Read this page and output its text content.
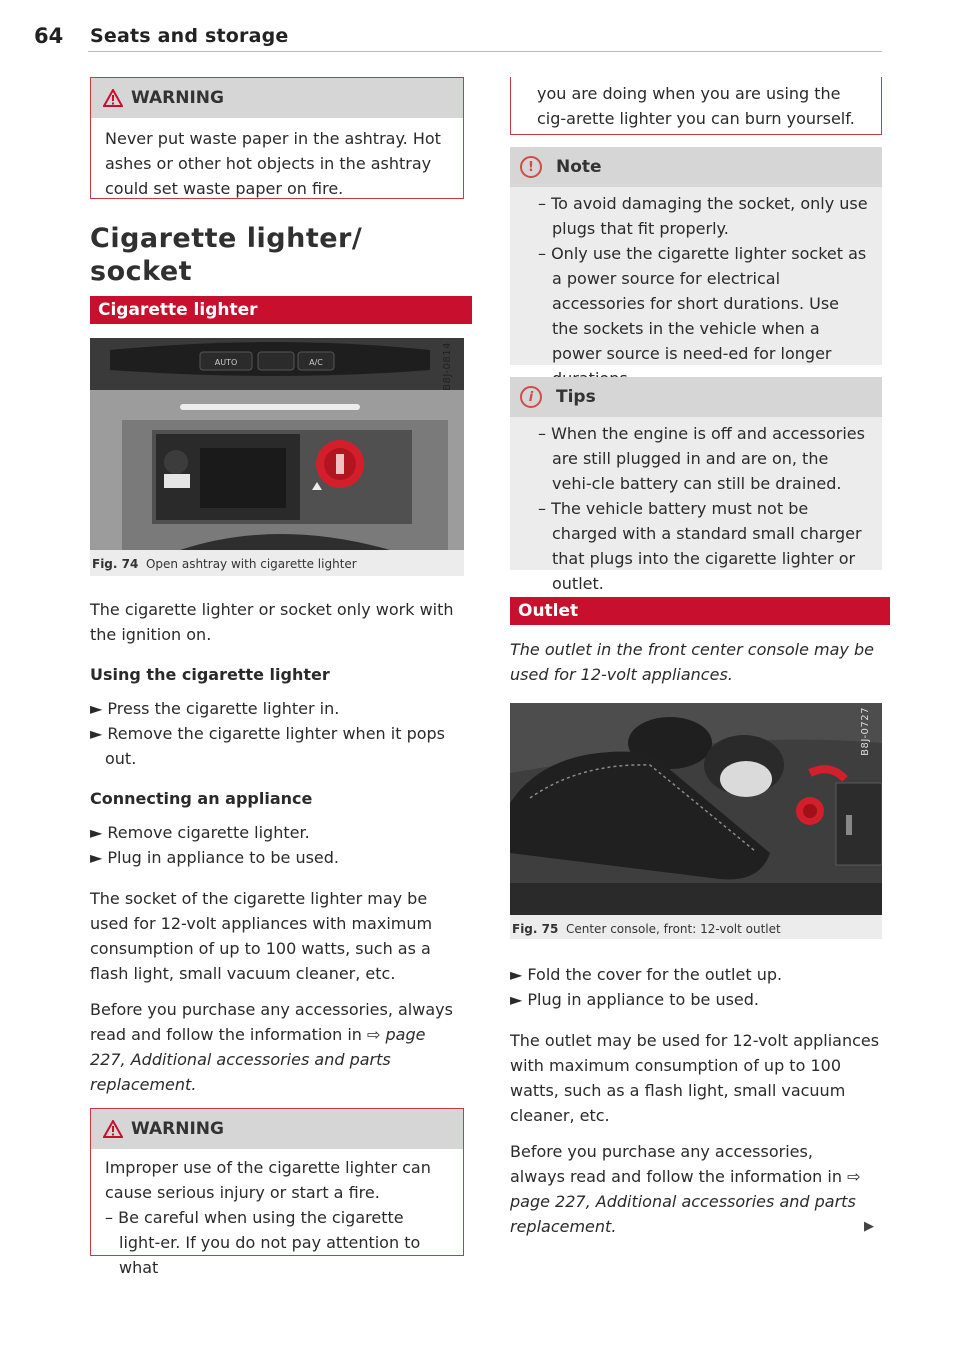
64 Seats and storage
WARNING
Never put waste paper in the ashtray. Hot ashes or other hot objects in the ashtray could set waste paper on fire.
Cigarette lighter/
socket
Cigarette lighter
AUTO	A/C	B8J-0814
Fig. 74 Open ashtray with cigarette lighter

The cigarette lighter or socket only work with the ignition on.

Using the cigarette lighter

► Press the cigarette lighter in.

► Remove the cigarette lighter when it pops out.

Connecting an appliance

► Remove cigarette lighter.

► Plug in appliance to be used.

The socket of the cigarette lighter may be used for 12-volt appliances with maximum consumption of up to 100 watts, such as a flash light, small vacuum cleaner, etc.

Before you purchase any accessories, always read and follow the information in ⇨ page 227, Additional accessories and parts replacement.

WARNING

Improper use of the cigarette lighter can cause serious injury or start a fire.

– Be careful when using the cigarette light-er. If you do not pay attention to what

you are doing when you are using the cig-arette lighter you can burn yourself.
!	Note

– To avoid damaging the socket, only use plugs that fit properly.

– Only use the cigarette lighter socket as a power source for electrical accessories for short durations. Use the sockets in the vehicle when a power source is need-ed for longer

i	Tips

– When the engine is off and accessories are still plugged in and are on, the vehi-cle battery can still be drained.

– The vehicle battery must not be charged with a standard small charger that plugs into the cigarette lighter or outlet.

Outlet

The outlet in the front center console may be used for 12-volt appliances.

B8J-0727
Fig. 75 Center console, front: 12-volt outlet

► Fold the cover for the outlet up.

► Plug in appliance to be used.

The outlet may be used for 12-volt appliances with maximum consumption of up to 100 watts, such as a flash light, small vacuum cleaner, etc.

Before you purchase any accessories, always read and follow the information in ⇨ page 227, Additional accessories and parts replacement.	▶
